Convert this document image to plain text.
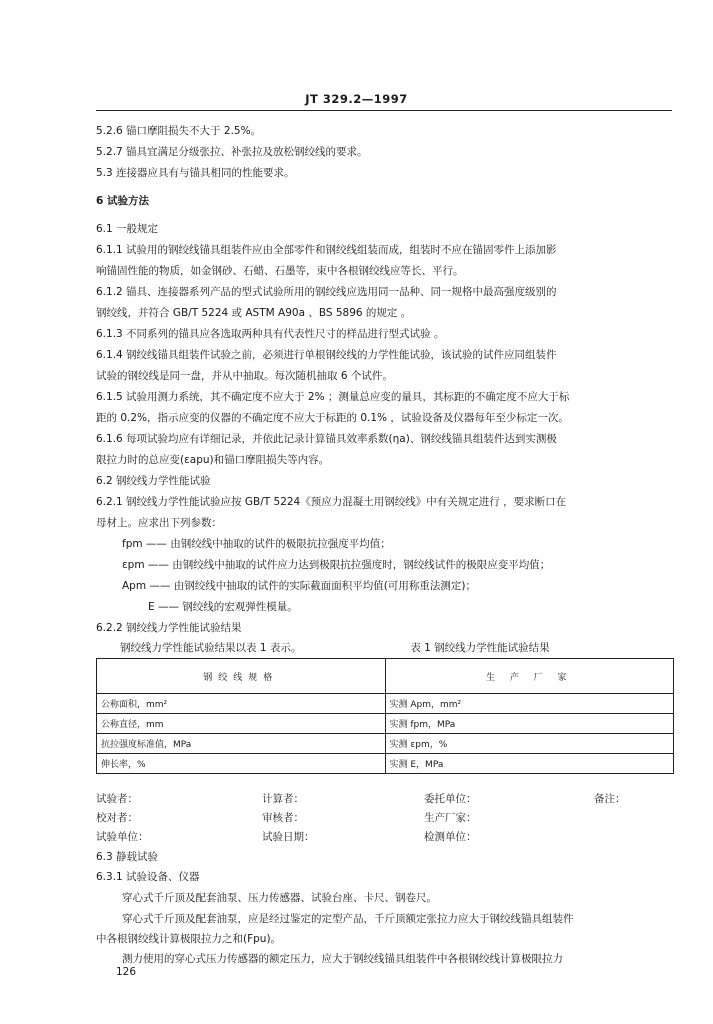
JT 329.2—1997
5.2.6 锚口摩阻损失不大于 2.5%。
5.2.7 锚具宜满足分级张拉、补张拉及放松钢绞线的要求。
5.3 连接器应具有与锚具相同的性能要求。
6 试验方法
6.1 一般规定
6.1.1 试验用的钢绞线锚具组装件应由全部零件和钢绞线组装而成，组装时不应在锚固零件上添加影
响锚固性能的物质，如金钢砂、石蜡、石墨等，束中各根钢绞线应等长、平行。
6.1.2 锚具、连接器系列产品的型式试验所用的钢绞线应选用同一品种、同一规格中最高强度级别的
钢绞线，并符合 GB/T 5224 或 ASTM A90a 、BS 5896 的规定 。
6.1.3 不同系列的锚具应各选取两种具有代表性尺寸的样品进行型式试验 。
6.1.4 钢绞线锚具组装件试验之前，必须进行单根钢绞线的力学性能试验，该试验的试件应同组装件
试验的钢绞线是同一盘，并从中抽取。每次随机抽取 6 个试件。
6.1.5 试验用测力系统，其不确定度不应大于 2% ；测量总应变的量具，其标距的不确定度不应大于标
距的 0.2%，指示应变的仪器的不确定度不应大于标距的 0.1% ，试验设备及仪器每年至少标定一次。
6.1.6 每项试验均应有详细记录，并依此记录计算锚具效率系数(ηa)、钢绞线锚具组装件达到实测极
限拉力时的总应变(εapu)和锚口摩阻损失等内容。
6.2 钢绞线力学性能试验
6.2.1 钢绞线力学性能试验应按 GB/T 5224《预应力混凝土用钢绞线》中有关规定进行 ，要求断口在
母材上。应求出下列参数：
fpm —— 由钢绞线中抽取的试件的极限抗拉强度平均值；
εpm —— 由钢绞线中抽取的试件应力达到极限抗拉强度时，钢绞线试件的极限应变平均值；
Apm —— 由钢绞线中抽取的试件的实际截面面积平均值(可用称重法测定)；
E —— 钢绞线的宏观弹性模量。
6.2.2 钢绞线力学性能试验结果
钢绞线力学性能试验结果以表 1 表示。	表 1 钢绞线力学性能试验结果
钢绞线规格	生 产 厂 家
公称面积，mm²	实测 Apm，mm²
公称直径，mm	实测 fpm，MPa
抗拉强度标准值，MPa	实测 εpm，%
伸长率，%	实测 E，MPa
试验者：	计算者：	委托单位：	备注：
校对者：	审核者：	生产厂家：
试验单位：	试验日期：	检测单位：
6.3 静载试验
6.3.1 试验设备、仪器
穿心式千斤顶及配套油泵、压力传感器、试验台座、卡尺、钢卷尺。
穿心式千斤顶及配套油泵，应是经过鉴定的定型产品，千斤顶额定张拉力应大于钢绞线锚具组装件
中各根钢绞线计算极限拉力之和(Fpu)。
测力使用的穿心式压力传感器的额定压力，应大于钢绞线锚具组装件中各根钢绞线计算极限拉力
126
